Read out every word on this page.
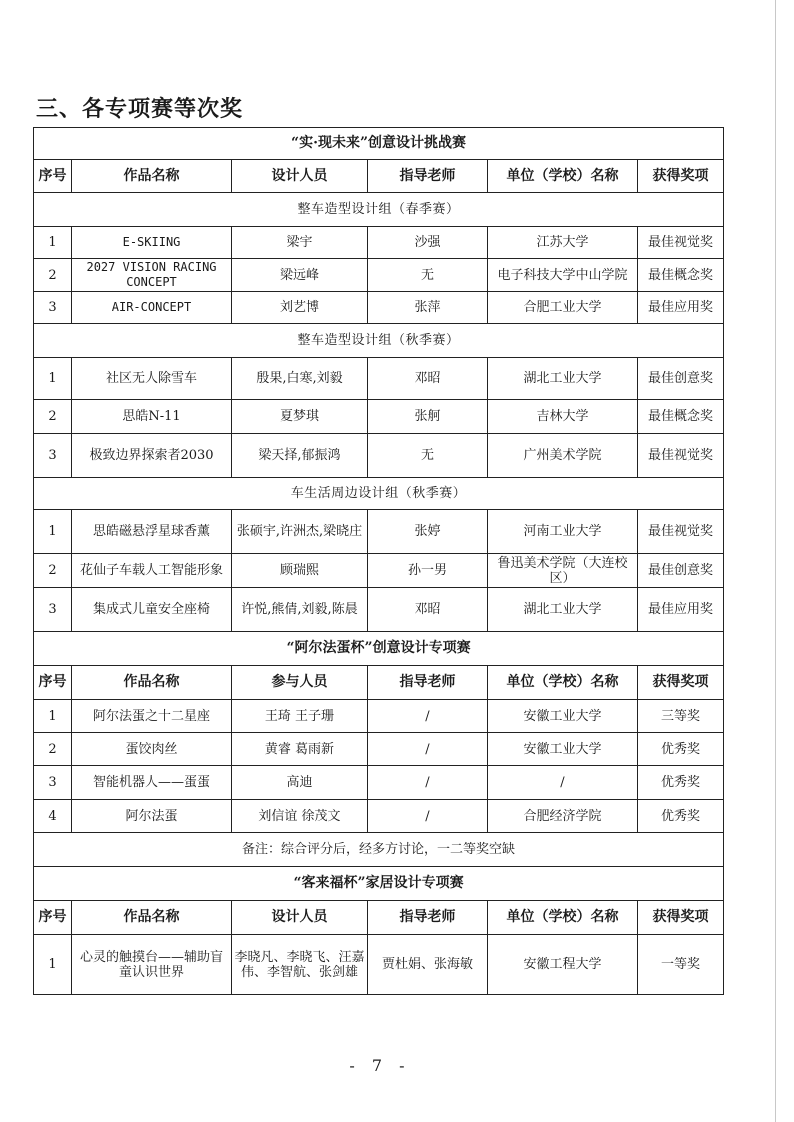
三、各专项赛等次奖
“实·现未来”创意设计挑战赛					
序号	作品名称	设计人员	指导老师	单位（学校）名称	获得奖项
整车造型设计组（春季赛）					
1	E-SKIING	梁宇	沙强	江苏大学	最佳视觉奖
2	2027 VISION RACING CONCEPT	梁远峰	无	电子科技大学中山学院	最佳概念奖
3	AIR-CONCEPT	刘艺博	张萍	合肥工业大学	最佳应用奖
整车造型设计组（秋季赛）					
1	社区无人除雪车	殷果,白寒,刘毅	邓昭	湖北工业大学	最佳创意奖
2	思皓N-11	夏梦琪	张舸	吉林大学	最佳概念奖
3	极致边界探索者2030	梁天择,郁振鸿	无	广州美术学院	最佳视觉奖
车生活周边设计组（秋季赛）					
1	思皓磁悬浮星球香薰	张硕宇,许洲杰,梁晓庄	张婷	河南工业大学	最佳视觉奖
2	花仙子车载人工智能形象	顾瑞熙	孙一男	鲁迅美术学院（大连校区）	最佳创意奖
3	集成式儿童安全座椅	许悦,熊倩,刘毅,陈晨	邓昭	湖北工业大学	最佳应用奖
“阿尔法蛋杯”创意设计专项赛					
序号	作品名称	参与人员	指导老师	单位（学校）名称	获得奖项
1	阿尔法蛋之十二星座	王琦 王子珊	/	安徽工业大学	三等奖
2	蛋饺肉丝	黄睿 葛雨新	/	安徽工业大学	优秀奖
3	智能机器人——蛋蛋	高迪	/	/	优秀奖
4	阿尔法蛋	刘信谊 徐茂文	/	合肥经济学院	优秀奖
备注：综合评分后，经多方讨论，一二等奖空缺					
“客来福杯”家居设计专项赛					
序号	作品名称	设计人员	指导老师	单位（学校）名称	获得奖项
1	心灵的触摸台——辅助盲童认识世界	李晓凡、李晓飞、汪嘉伟、李智航、张剑雄	贾杜娟、张海敏	安徽工程大学	一等奖
- 7 -
